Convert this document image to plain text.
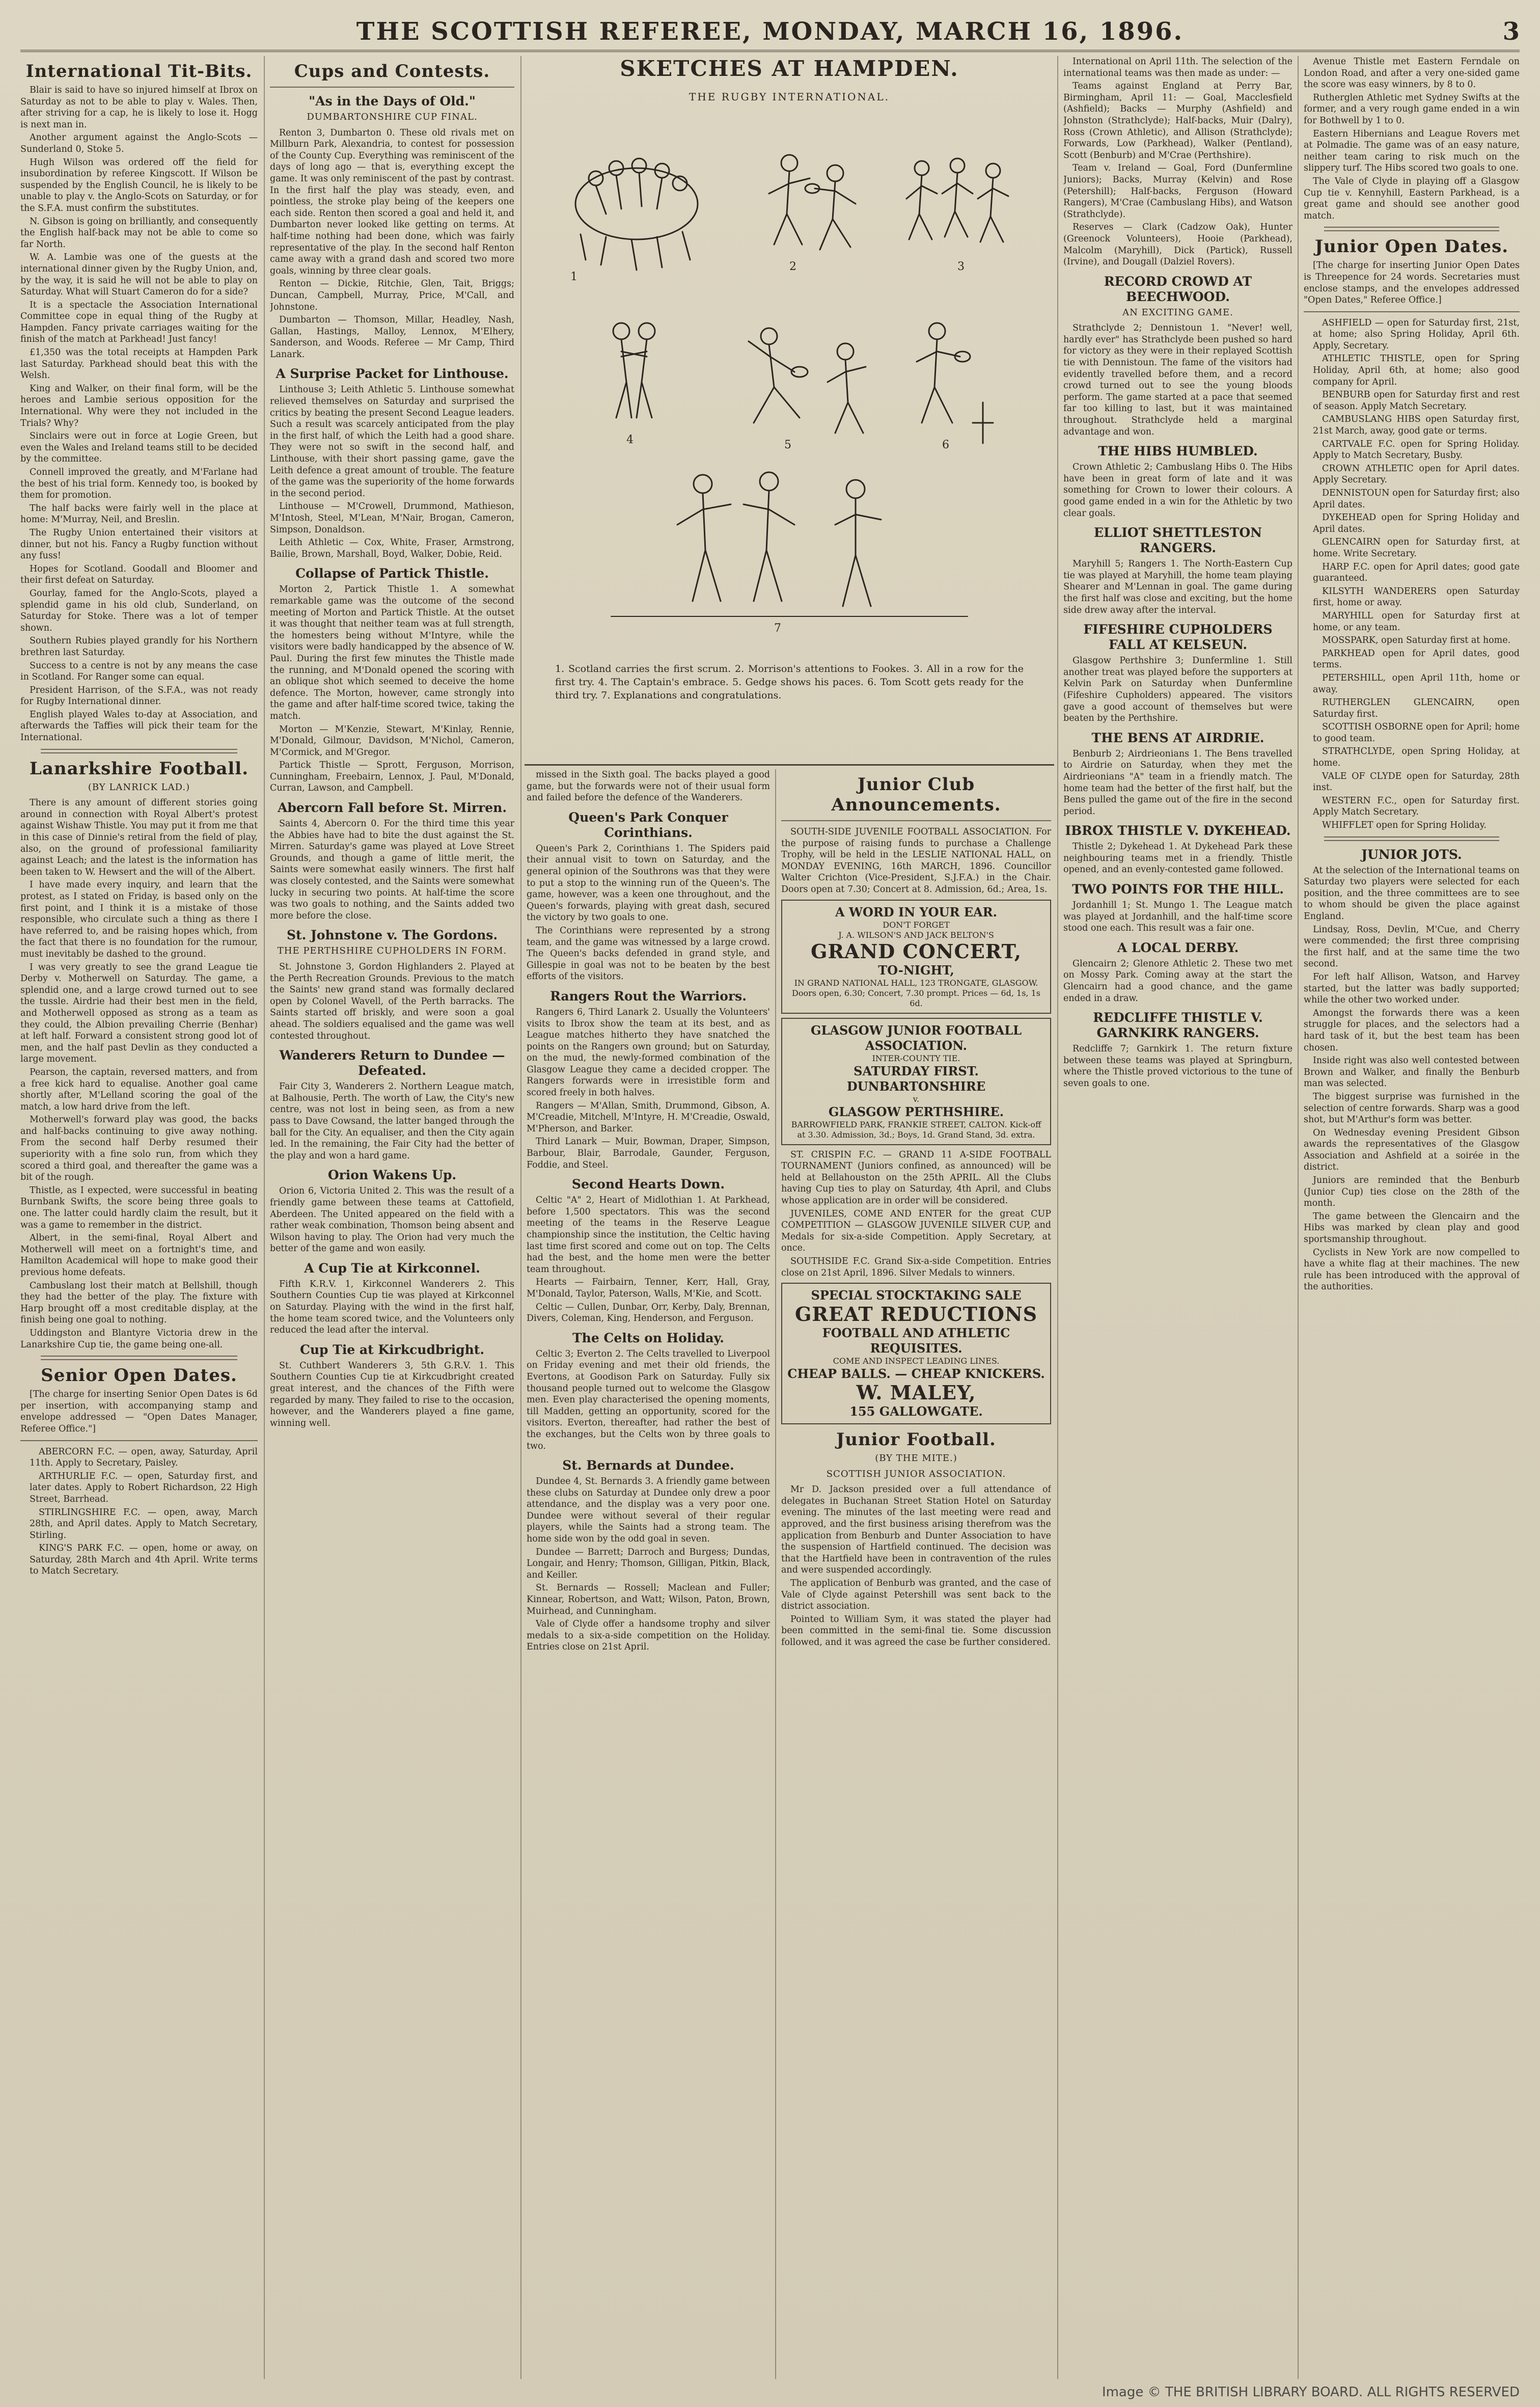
THE SCOTTISH REFEREE, MONDAY, MARCH 16, 1896.	3
International Tit-Bits.

Blair is said to have so injured himself at Ibrox on Saturday as not to be able to play v. Wales. Then, after striving for a cap, he is likely to lose it. Hogg is next man in.

Another argument against the Anglo-Scots — Sunderland 0, Stoke 5.

Hugh Wilson was ordered off the field for insubordination by referee Kingscott. If Wilson be suspended by the English Council, he is likely to be unable to play v. the Anglo-Scots on Saturday, or for the S.F.A. must confirm the substitutes.

N. Gibson is going on brilliantly, and consequently the English half-back may not be able to come so far North.

W. A. Lambie was one of the guests at the international dinner given by the Rugby Union, and, by the way, it is said he will not be able to play on Saturday. What will Stuart Cameron do for a side?

It is a spectacle the Association International Committee cope in equal thing of the Rugby at Hampden. Fancy private carriages waiting for the finish of the match at Parkhead! Just fancy!

£1,350 was the total receipts at Hampden Park last Saturday. Parkhead should beat this with the Welsh.

King and Walker, on their final form, will be the heroes and Lambie serious opposition for the International. Why were they not included in the Trials? Why?

Sinclairs were out in force at Logie Green, but even the Wales and Ireland teams still to be decided by the committee.

Connell improved the greatly, and M'Farlane had the best of his trial form. Kennedy too, is booked by them for promotion.

The half backs were fairly well in the place at home: M'Murray, Neil, and Breslin.

The Rugby Union entertained their visitors at dinner, but not his. Fancy a Rugby function without any fuss!

Hopes for Scotland. Goodall and Bloomer and their first defeat on Saturday.

Gourlay, famed for the Anglo-Scots, played a splendid game in his old club, Sunderland, on Saturday for Stoke. There was a lot of temper shown.

Southern Rubies played grandly for his Northern brethren last Saturday.

Success to a centre is not by any means the case in Scotland. For Ranger some can equal.

President Harrison, of the S.F.A., was not ready for Rugby International dinner.

English played Wales to-day at Association, and afterwards the Taffies will pick their team for the International.

Lanarkshire Football.
(BY LANRICK LAD.)

There is any amount of different stories going around in connection with Royal Albert's protest against Wishaw Thistle. You may put it from me that in this case of Dinnie's retiral from the field of play, also, on the ground of professional familiarity against Leach; and the latest is the information has been taken to W. Hewsert and the will of the Albert.

I have made every inquiry, and learn that the protest, as I stated on Friday, is based only on the first point, and I think it is a mistake of those responsible, who circulate such a thing as there I have referred to, and be raising hopes which, from the fact that there is no foundation for the rumour, must inevitably be dashed to the ground.

I was very greatly to see the grand League tie Derby v. Motherwell on Saturday. The game, a splendid one, and a large crowd turned out to see the tussle. Airdrie had their best men in the field, and Motherwell opposed as strong as a team as they could, the Albion prevailing Cherrie (Benhar) at left half. Forward a consistent strong good lot of men, and the half past Devlin as they conducted a large movement.

Pearson, the captain, reversed matters, and from a free kick hard to equalise. Another goal came shortly after, M'Lelland scoring the goal of the match, a low hard drive from the left.

Motherwell's forward play was good, the backs and half-backs continuing to give away nothing. From the second half Derby resumed their superiority with a fine solo run, from which they scored a third goal, and thereafter the game was a bit of the rough.

Thistle, as I expected, were successful in beating Burnbank Swifts, the score being three goals to one. The latter could hardly claim the result, but it was a game to remember in the district.

Albert, in the semi-final, Royal Albert and Motherwell will meet on a fortnight's time, and Hamilton Academical will hope to make good their previous home defeats.

Cambuslang lost their match at Bellshill, though they had the better of the play. The fixture with Harp brought off a most creditable display, at the finish being one goal to nothing.

Uddingston and Blantyre Victoria drew in the Lanarkshire Cup tie, the game being one-all.

Senior Open Dates.

[The charge for inserting Senior Open Dates is 6d per insertion, with accompanying stamp and envelope addressed — "Open Dates Manager, Referee Office."]

ABERCORN F.C. — open, away, Saturday, April 11th. Apply to Secretary, Paisley.

ARTHURLIE F.C. — open, Saturday first, and later dates. Apply to Robert Richardson, 22 High Street, Barrhead.

STIRLINGSHIRE F.C. — open, away, March 28th, and April dates. Apply to Match Secretary, Stirling.

KING'S PARK F.C. — open, home or away, on Saturday, 28th March and 4th April. Write terms to Match Secretary.

Cups and Contests.
"As in the Days of Old."
DUMBARTONSHIRE CUP FINAL.

Renton 3, Dumbarton 0. These old rivals met on Millburn Park, Alexandria, to contest for possession of the County Cup. Everything was reminiscent of the days of long ago — that is, everything except the game. It was only reminiscent of the past by contrast. In the first half the play was steady, even, and pointless, the stroke play being of the keepers one each side. Renton then scored a goal and held it, and Dumbarton never looked like getting on terms. At half-time nothing had been done, which was fairly representative of the play. In the second half Renton came away with a grand dash and scored two more goals, winning by three clear goals.

Renton — Dickie, Ritchie, Glen, Tait, Briggs; Duncan, Campbell, Murray, Price, M'Call, and Johnstone.

Dumbarton — Thomson, Millar, Headley, Nash, Gallan, Hastings, Malloy, Lennox, M'Elhery, Sanderson, and Woods. Referee — Mr Camp, Third Lanark.

A Surprise Packet for Linthouse.

Linthouse 3; Leith Athletic 5. Linthouse somewhat relieved themselves on Saturday and surprised the critics by beating the present Second League leaders. Such a result was scarcely anticipated from the play in the first half, of which the Leith had a good share. They were not so swift in the second half, and Linthouse, with their short passing game, gave the Leith defence a great amount of trouble. The feature of the game was the superiority of the home forwards in the second period.

Linthouse — M'Crowell, Drummond, Mathieson, M'Intosh, Steel, M'Lean, M'Nair, Brogan, Cameron, Simpson, Donaldson.

Leith Athletic — Cox, White, Fraser, Armstrong, Bailie, Brown, Marshall, Boyd, Walker, Dobie, Reid.

Collapse of Partick Thistle.

Morton 2, Partick Thistle 1. A somewhat remarkable game was the outcome of the second meeting of Morton and Partick Thistle. At the outset it was thought that neither team was at full strength, the homesters being without M'Intyre, while the visitors were badly handicapped by the absence of W. Paul. During the first few minutes the Thistle made the running, and M'Donald opened the scoring with an oblique shot which seemed to deceive the home defence. The Morton, however, came strongly into the game and after half-time scored twice, taking the match.

Morton — M'Kenzie, Stewart, M'Kinlay, Rennie, M'Donald, Gilmour, Davidson, M'Nichol, Cameron, M'Cormick, and M'Gregor.

Partick Thistle — Sprott, Ferguson, Morrison, Cunningham, Freebairn, Lennox, J. Paul, M'Donald, Curran, Lawson, and Campbell.

Abercorn Fall before St. Mirren.

Saints 4, Abercorn 0. For the third time this year the Abbies have had to bite the dust against the St. Mirren. Saturday's game was played at Love Street Grounds, and though a game of little merit, the Saints were somewhat easily winners. The first half was closely contested, and the Saints were somewhat lucky in securing two points. At half-time the score was two goals to nothing, and the Saints added two more before the close.

St. Johnstone v. The Gordons.
THE PERTHSHIRE CUPHOLDERS IN FORM.

St. Johnstone 3, Gordon Highlanders 2. Played at the Perth Recreation Grounds. Previous to the match the Saints' new grand stand was formally declared open by Colonel Wavell, of the Perth barracks. The Saints started off briskly, and were soon a goal ahead. The soldiers equalised and the game was well contested throughout.

Wanderers Return to Dundee — Defeated.

Fair City 3, Wanderers 2. Northern League match, at Balhousie, Perth. The worth of Law, the City's new centre, was not lost in being seen, as from a new pass to Dave Cowsand, the latter banged through the ball for the City. An equaliser, and then the City again led. In the remaining, the Fair City had the better of the play and won a hard game.

Orion Wakens Up.

Orion 6, Victoria United 2. This was the result of a friendly game between these teams at Cattofield, Aberdeen. The United appeared on the field with a rather weak combination, Thomson being absent and Wilson having to play. The Orion had very much the better of the game and won easily.

A Cup Tie at Kirkconnel.

Fifth K.R.V. 1, Kirkconnel Wanderers 2. This Southern Counties Cup tie was played at Kirkconnel on Saturday. Playing with the wind in the first half, the home team scored twice, and the Volunteers only reduced the lead after the interval.

Cup Tie at Kirkcudbright.

St. Cuthbert Wanderers 3, 5th G.R.V. 1. This Southern Counties Cup tie at Kirkcudbright created great interest, and the chances of the Fifth were regarded by many. They failed to rise to the occasion, however, and the Wanderers played a fine game, winning well.

SKETCHES AT HAMPDEN.
THE RUGBY INTERNATIONAL.
1
2	3
4	5	6
7
1. Scotland carries the first scrum. 2. Morrison's attentions to Fookes. 3. All in a row for the first try. 4. The Captain's embrace. 5. Gedge shows his paces. 6. Tom Scott gets ready for the third try. 7. Explanations and congratulations.

missed in the Sixth goal. The backs played a good game, but the forwards were not of their usual form and failed before the defence of the Wanderers.

Queen's Park Conquer Corinthians.

Queen's Park 2, Corinthians 1. The Spiders paid their annual visit to town on Saturday, and the general opinion of the Southrons was that they were to put a stop to the winning run of the Queen's. The game, however, was a keen one throughout, and the Queen's forwards, playing with great dash, secured the victory by two goals to one.

The Corinthians were represented by a strong team, and the game was witnessed by a large crowd. The Queen's backs defended in grand style, and Gillespie in goal was not to be beaten by the best efforts of the visitors.

Rangers Rout the Warriors.

Rangers 6, Third Lanark 2. Usually the Volunteers' visits to Ibrox show the team at its best, and as League matches hitherto they have snatched the points on the Rangers own ground; but on Saturday, on the mud, the newly-formed combination of the Glasgow League they came a decided cropper. The Rangers forwards were in irresistible form and scored freely in both halves.

Rangers — M'Allan, Smith, Drummond, Gibson, A. M'Creadie, Mitchell, M'Intyre, H. M'Creadie, Oswald, M'Pherson, and Barker.

Third Lanark — Muir, Bowman, Draper, Simpson, Barbour, Blair, Barrodale, Gaunder, Ferguson, Foddie, and Steel.

Second Hearts Down.

Celtic "A" 2, Heart of Midlothian 1. At Parkhead, before 1,500 spectators. This was the second meeting of the teams in the Reserve League championship since the institution, the Celtic having last time first scored and come out on top. The Celts had the best, and the home men were the better team throughout.

Hearts — Fairbairn, Tenner, Kerr, Hall, Gray, M'Donald, Taylor, Paterson, Walls, M'Kie, and Scott.

Celtic — Cullen, Dunbar, Orr, Kerby, Daly, Brennan, Divers, Coleman, King, Henderson, and Ferguson.

The Celts on Holiday.

Celtic 3; Everton 2. The Celts travelled to Liverpool on Friday evening and met their old friends, the Evertons, at Goodison Park on Saturday. Fully six thousand people turned out to welcome the Glasgow men. Even play characterised the opening moments, till Madden, getting an opportunity, scored for the visitors. Everton, thereafter, had rather the best of the exchanges, but the Celts won by three goals to two.

St. Bernards at Dundee.

Dundee 4, St. Bernards 3. A friendly game between these clubs on Saturday at Dundee only drew a poor attendance, and the display was a very poor one. Dundee were without several of their regular players, while the Saints had a strong team. The home side won by the odd goal in seven.

Dundee — Barrett; Darroch and Burgess; Dundas, Longair, and Henry; Thomson, Gilligan, Pitkin, Black, and Keiller.

St. Bernards — Rossell; Maclean and Fuller; Kinnear, Robertson, and Watt; Wilson, Paton, Brown, Muirhead, and Cunningham.

Vale of Clyde offer a handsome trophy and silver medals to a six-a-side competition on the Holiday. Entries close on 21st April.

Junior Club Announcements.

SOUTH-SIDE JUVENILE FOOTBALL ASSOCIATION. For the purpose of raising funds to purchase a Challenge Trophy, will be held in the LESLIE NATIONAL HALL, on MONDAY EVENING, 16th MARCH, 1896. Councillor Walter Crichton (Vice-President, S.J.F.A.) in the Chair. Doors open at 7.30; Concert at 8. Admission, 6d.; Area, 1s.

A WORD IN YOUR EAR.
DON'T FORGET
J. A. WILSON'S AND JACK BELTON'S
GRAND CONCERT,
TO-NIGHT,
IN GRAND NATIONAL HALL, 123 TRONGATE, GLASGOW.
Doors open, 6.30; Concert, 7.30 prompt. Prices — 6d, 1s, 1s 6d.
GLASGOW JUNIOR FOOTBALL ASSOCIATION.
INTER-COUNTY TIE.
SATURDAY FIRST.
DUNBARTONSHIRE
v.
GLASGOW PERTHSHIRE.
BARROWFIELD PARK, FRANKIE STREET, CALTON. Kick-off at 3.30. Admission, 3d.; Boys, 1d. Grand Stand, 3d. extra.

ST. CRISPIN F.C. — GRAND 11 A-SIDE FOOTBALL TOURNAMENT (Juniors confined, as announced) will be held at Bellahouston on the 25th APRIL. All the Clubs having Cup ties to play on Saturday, 4th April, and Clubs whose application are in order will be considered.

JUVENILES, COME AND ENTER for the great CUP COMPETITION — GLASGOW JUVENILE SILVER CUP, and Medals for six-a-side Competition. Apply Secretary, at once.

SOUTHSIDE F.C. Grand Six-a-side Competition. Entries close on 21st April, 1896. Silver Medals to winners.

SPECIAL STOCKTAKING SALE
GREAT REDUCTIONS
FOOTBALL AND ATHLETIC REQUISITES.
COME AND INSPECT LEADING LINES.
CHEAP BALLS. — CHEAP KNICKERS.
W. MALEY,
155 GALLOWGATE.
Junior Football.
(BY THE MITE.)
SCOTTISH JUNIOR ASSOCIATION.

Mr D. Jackson presided over a full attendance of delegates in Buchanan Street Station Hotel on Saturday evening. The minutes of the last meeting were read and approved, and the first business arising therefrom was the application from Benburb and Dunter Association to have the suspension of Hartfield continued. The decision was that the Hartfield have been in contravention of the rules and were suspended accordingly.

The application of Benburb was granted, and the case of Vale of Clyde against Petershill was sent back to the district association.

Pointed to William Sym, it was stated the player had been committed in the semi-final tie. Some discussion followed, and it was agreed the case be further considered.

International on April 11th. The selection of the international teams was then made as under: —

Teams against England at Perry Bar, Birmingham, April 11: — Goal, Macclesfield (Ashfield); Backs — Murphy (Ashfield) and Johnston (Strathclyde); Half-backs, Muir (Dalry), Ross (Crown Athletic), and Allison (Strathclyde); Forwards, Low (Parkhead), Walker (Pentland), Scott (Benburb) and M'Crae (Perthshire).

Team v. Ireland — Goal, Ford (Dunfermline Juniors); Backs, Murray (Kelvin) and Rose (Petershill); Half-backs, Ferguson (Howard Rangers), M'Crae (Cambuslang Hibs), and Watson (Strathclyde).

Reserves — Clark (Cadzow Oak), Hunter (Greenock Volunteers), Hooie (Parkhead), Malcolm (Maryhill), Dick (Partick), Russell (Irvine), and Dougall (Dalziel Rovers).

RECORD CROWD AT BEECHWOOD.
AN EXCITING GAME.

Strathclyde 2; Dennistoun 1. "Never! well, hardly ever" has Strathclyde been pushed so hard for victory as they were in their replayed Scottish tie with Dennistoun. The fame of the visitors had evidently travelled before them, and a record crowd turned out to see the young bloods perform. The game started at a pace that seemed far too killing to last, but it was maintained throughout. Strathclyde held a marginal advantage and won.

THE HIBS HUMBLED.

Crown Athletic 2; Cambuslang Hibs 0. The Hibs have been in great form of late and it was something for Crown to lower their colours. A good game ended in a win for the Athletic by two clear goals.

ELLIOT SHETTLESTON RANGERS.

Maryhill 5; Rangers 1. The North-Eastern Cup tie was played at Maryhill, the home team playing Shearer and M'Lennan in goal. The game during the first half was close and exciting, but the home side drew away after the interval.

FIFESHIRE CUPHOLDERS FALL AT KELSEUN.

Glasgow Perthshire 3; Dunfermline 1. Still another treat was played before the supporters at Kelvin Park on Saturday when Dunfermline (Fifeshire Cupholders) appeared. The visitors gave a good account of themselves but were beaten by the Perthshire.

THE BENS AT AIRDRIE.

Benburb 2; Airdrieonians 1. The Bens travelled to Airdrie on Saturday, when they met the Airdrieonians "A" team in a friendly match. The home team had the better of the first half, but the Bens pulled the game out of the fire in the second period.

IBROX THISTLE V. DYKEHEAD.

Thistle 2; Dykehead 1. At Dykehead Park these neighbouring teams met in a friendly. Thistle opened, and an evenly-contested game followed.

TWO POINTS FOR THE HILL.

Jordanhill 1; St. Mungo 1. The League match was played at Jordanhill, and the half-time score stood one each. This result was a fair one.

A LOCAL DERBY.

Glencairn 2; Glenore Athletic 2. These two met on Mossy Park. Coming away at the start the Glencairn had a good chance, and the game ended in a draw.

REDCLIFFE THISTLE V. GARNKIRK RANGERS.

Redcliffe 7; Garnkirk 1. The return fixture between these teams was played at Springburn, where the Thistle proved victorious to the tune of seven goals to one.

Avenue Thistle met Eastern Ferndale on London Road, and after a very one-sided game the score was easy winners, by 8 to 0.

Rutherglen Athletic met Sydney Swifts at the former, and a very rough game ended in a win for Bothwell by 1 to 0.

Eastern Hibernians and League Rovers met at Polmadie. The game was of an easy nature, neither team caring to risk much on the slippery turf. The Hibs scored two goals to one.

The Vale of Clyde in playing off a Glasgow Cup tie v. Kennyhill, Eastern Parkhead, is a great game and should see another good match.

Junior Open Dates.

[The charge for inserting Junior Open Dates is Threepence for 24 words. Secretaries must enclose stamps, and the envelopes addressed "Open Dates," Referee Office.]

ASHFIELD — open for Saturday first, 21st, at home; also Spring Holiday, April 6th. Apply, Secretary.

ATHLETIC THISTLE, open for Spring Holiday, April 6th, at home; also good company for April.

BENBURB open for Saturday first and rest of season. Apply Match Secretary.

CAMBUSLANG HIBS open Saturday first, 21st March, away, good gate or terms.

CARTVALE F.C. open for Spring Holiday. Apply to Match Secretary, Busby.

CROWN ATHLETIC open for April dates. Apply Secretary.

DENNISTOUN open for Saturday first; also April dates.

DYKEHEAD open for Spring Holiday and April dates.

GLENCAIRN open for Saturday first, at home. Write Secretary.

HARP F.C. open for April dates; good gate guaranteed.

KILSYTH WANDERERS open Saturday first, home or away.

MARYHILL open for Saturday first at home, or any team.

MOSSPARK, open Saturday first at home.

PARKHEAD open for April dates, good terms.

PETERSHILL, open April 11th, home or away.

RUTHERGLEN GLENCAIRN, open Saturday first.

SCOTTISH OSBORNE open for April; home to good team.

STRATHCLYDE, open Spring Holiday, at home.

VALE OF CLYDE open for Saturday, 28th inst.

WESTERN F.C., open for Saturday first. Apply Match Secretary.

WHIFFLET open for Spring Holiday.

JUNIOR JOTS.

At the selection of the International teams on Saturday two players were selected for each position, and the three committees are to see to whom should be given the place against England.

Lindsay, Ross, Devlin, M'Cue, and Cherry were commended; the first three comprising the first half, and at the same time the two second.

For left half Allison, Watson, and Harvey started, but the latter was badly supported; while the other two worked under.

Amongst the forwards there was a keen struggle for places, and the selectors had a hard task of it, but the best team has been chosen.

Inside right was also well contested between Brown and Walker, and finally the Benburb man was selected.

The biggest surprise was furnished in the selection of centre forwards. Sharp was a good shot, but M'Arthur's form was better.

On Wednesday evening President Gibson awards the representatives of the Glasgow Association and Ashfield at a soirée in the district.

Juniors are reminded that the Benburb (Junior Cup) ties close on the 28th of the month.

The game between the Glencairn and the Hibs was marked by clean play and good sportsmanship throughout.

Cyclists in New York are now compelled to have a white flag at their machines. The new rule has been introduced with the approval of the authorities.

Image © THE BRITISH LIBRARY BOARD. ALL RIGHTS RESERVED
